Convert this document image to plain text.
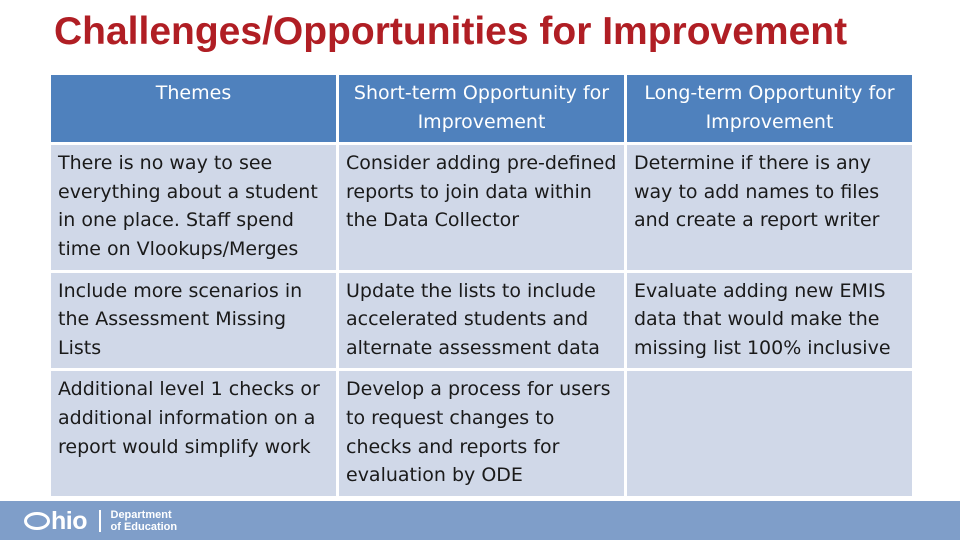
Challenges/Opportunities for Improvement
Themes	Short-term Opportunity for Improvement	Long-term Opportunity for Improvement
There is no way to see everything about a student in one place. Staff spend time on Vlookups/Merges	Consider adding pre-defined reports to join data within the Data Collector	Determine if there is any way to add names to files and create a report writer
Include more scenarios in the Assessment Missing Lists	Update the lists to include accelerated students and alternate assessment data	Evaluate adding new EMIS data that would make the missing list 100% inclusive
Additional level 1 checks or additional information on a report would simplify work	Develop a process for users to request changes to checks and reports for evaluation by ODE	
hio Department
of Education
